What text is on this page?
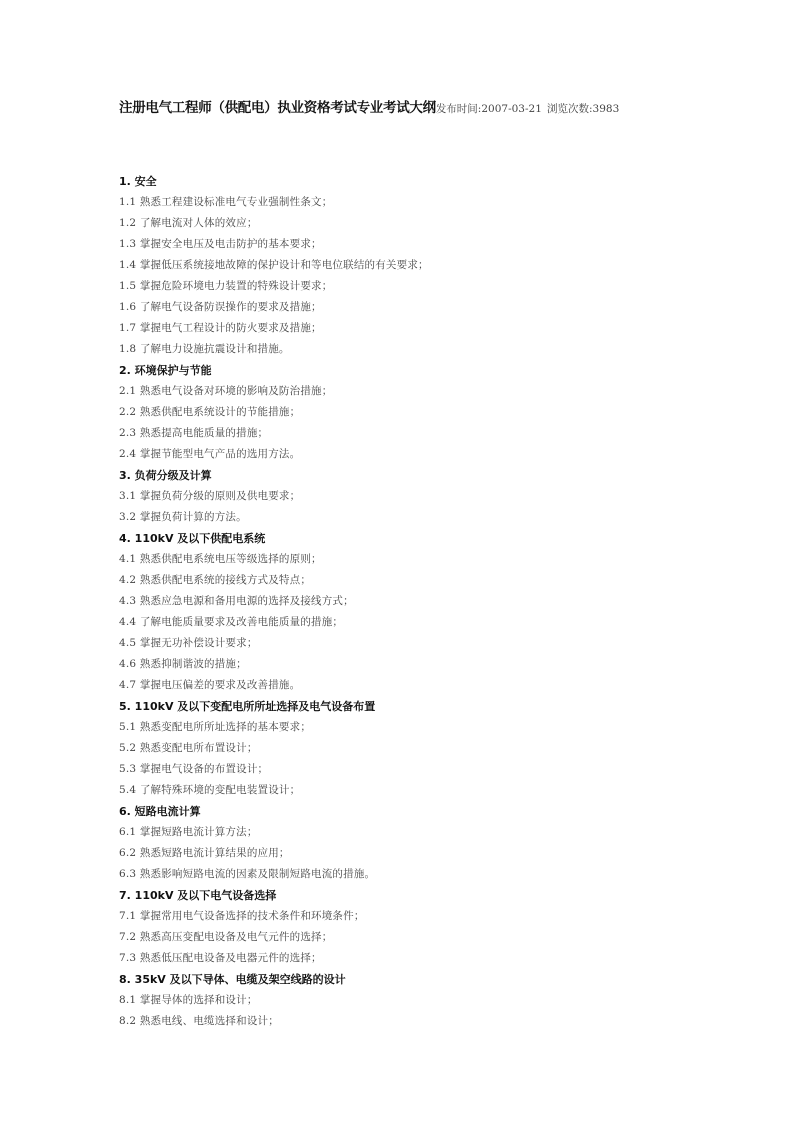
注册电气工程师（供配电）执业资格考试专业考试大纲发布时间:2007-03-21 浏览次数:3983
1. 安全
1.1 熟悉工程建设标准电气专业强制性条文；
1.2 了解电流对人体的效应；
1.3 掌握安全电压及电击防护的基本要求；
1.4 掌握低压系统接地故障的保护设计和等电位联结的有关要求；
1.5 掌握危险环境电力装置的特殊设计要求；
1.6 了解电气设备防误操作的要求及措施；
1.7 掌握电气工程设计的防火要求及措施；
1.8 了解电力设施抗震设计和措施。
2. 环境保护与节能
2.1 熟悉电气设备对环境的影响及防治措施；
2.2 熟悉供配电系统设计的节能措施；
2.3 熟悉提高电能质量的措施；
2.4 掌握节能型电气产品的选用方法。
3. 负荷分级及计算
3.1 掌握负荷分级的原则及供电要求；
3.2 掌握负荷计算的方法。
4. 110kV 及以下供配电系统
4.1 熟悉供配电系统电压等级选择的原则；
4.2 熟悉供配电系统的接线方式及特点；
4.3 熟悉应急电源和备用电源的选择及接线方式；
4.4 了解电能质量要求及改善电能质量的措施；
4.5 掌握无功补偿设计要求；
4.6 熟悉抑制谐波的措施；
4.7 掌握电压偏差的要求及改善措施。
5. 110kV 及以下变配电所所址选择及电气设备布置
5.1 熟悉变配电所所址选择的基本要求；
5.2 熟悉变配电所布置设计；
5.3 掌握电气设备的布置设计；
5.4 了解特殊环境的变配电装置设计；
6. 短路电流计算
6.1 掌握短路电流计算方法；
6.2 熟悉短路电流计算结果的应用；
6.3 熟悉影响短路电流的因素及限制短路电流的措施。
7. 110kV 及以下电气设备选择
7.1 掌握常用电气设备选择的技术条件和环境条件；
7.2 熟悉高压变配电设备及电气元件的选择；
7.3 熟悉低压配电设备及电器元件的选择；
8. 35kV 及以下导体、电缆及架空线路的设计
8.1 掌握导体的选择和设计；
8.2 熟悉电线、电缆选择和设计；
